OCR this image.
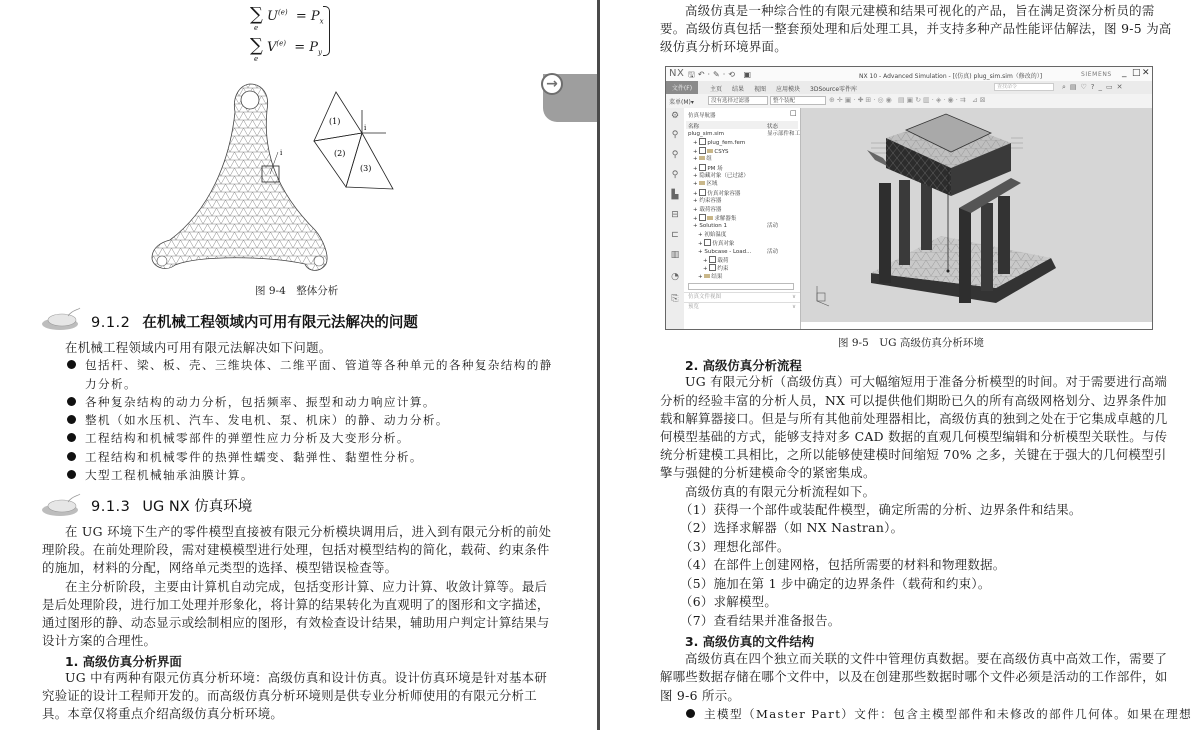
∑ $U^{(e)} = P_x$
e
∑ $V^{(e)} = P_y$
e
i
(1)
(2)
(3)
i
图 9-4　整体分析
9.1.2 在机械工程领域内可用有限元法解决的问题
在机械工程领域内可用有限元法解决如下问题。
包括杆、梁、板、壳、三维块体、二维平面、管道等各种单元的各种复杂结构的静
力分析。
各种复杂结构的动力分析，包括频率、振型和动力响应计算。
整机（如水压机、汽车、发电机、泵、机床）的静、动力分析。
工程结构和机械零部件的弹塑性应力分析及大变形分析。
工程结构和机械零件的热弹性蠕变、黏弹性、黏塑性分析。
大型工程机械轴承油膜计算。
9.1.3 UG NX 仿真环境
在 UG 环境下生产的零件模型直接被有限元分析模块调用后，进入到有限元分析的前处
理阶段。在前处理阶段，需对建模模型进行处理，包括对模型结构的简化，载荷、约束条件
的施加，材料的分配，网络单元类型的选择、模型错误检查等。
在主分析阶段，主要由计算机自动完成，包括变形计算、应力计算、收敛计算等。最后
是后处理阶段，进行加工处理并形象化，将计算的结果转化为直观明了的图形和文字描述，
通过图形的静、动态显示或绘制相应的图形，有效检查设计结果，辅助用户判定计算结果与
设计方案的合理性。
1. 高级仿真分析界面
UG 中有两种有限元仿真分析环境：高级仿真和设计仿真。设计仿真环境是针对基本研
究验证的设计工程师开发的。而高级仿真分析环境则是供专业分析师使用的有限元分析工
具。本章仅将重点介绍高级仿真分析环境。
→
高级仿真是一种综合性的有限元建模和结果可视化的产品，旨在满足资深分析员的需
要。高级仿真包括一整套预处理和后处理工具，并支持多种产品性能评估解法，图 9-5 为高
级仿真分析环境界面。
NX 🖫↶·✎·⟲ ▣	NX 10 - Advanced Simulation - [(仿真) plug_sim.sim（修改的）]	SIEMENS _ □ ✕
文件(F)	主页 结果 视图 应用模块 3DSource零件库	查找命令	⌕▤♡?_▭✕
菜单(M)▾	没有选择过滤器	整个装配	⊕✛▣·✚⊞·◎◉ ▤▣↻▥·◈·◉·⇉ ⊿⊠
⚙
⚲
⚲
⚲
▙
⊟
⊏
▥
◔
⎘
仿真导航器	□
名称	状态
plug_sim.sim	显示部件和工
+ plug_fem.fem
+	CSYS
+ 组
+ PM 场
+ 隐藏对象（已过滤）
+ 区域
+ 仿真对象容器
+ 约束容器
+ 载荷容器
+	求解器集
+ Solution 1	活动
+ 初始温度
+ 仿真对象
+ Subcase - Load...	活动
+ 载荷
+ 约束
+ 结果
仿真文件视图	∨
预览	∨
图 9-5　UG 高级仿真分析环境
2. 高级仿真分析流程
UG 有限元分析（高级仿真）可大幅缩短用于准备分析模型的时间。对于需要进行高端
分析的经验丰富的分析人员，NX 可以提供他们期盼已久的所有高级网格划分、边界条件加
载和解算器接口。但是与所有其他前处理器相比，高级仿真的独到之处在于它集成卓越的几
何模型基础的方式，能够支持对多 CAD 数据的直观几何模型编辑和分析模型关联性。与传
统分析建模工具相比，之所以能够使建模时间缩短 70% 之多，关键在于强大的几何模型引
擎与强健的分析建模命令的紧密集成。
高级仿真的有限元分析流程如下。
（1）获得一个部件或装配件模型，确定所需的分析、边界条件和结果。
（2）选择求解器（如 NX Nastran）。
（3）理想化部件。
（4）在部件上创建网格，包括所需要的材料和物理数据。
（5）施加在第 1 步中确定的边界条件（载荷和约束）。
（6）求解模型。
（7）查看结果并准备报告。
3. 高级仿真的文件结构
高级仿真在四个独立而关联的文件中管理仿真数据。要在高级仿真中高效工作，需要了
解哪些数据存储在哪个文件中，以及在创建那些数据时哪个文件必须是活动的工作部件，如
图 9-6 所示。
主模型（Master Part）文件：包含主模型部件和未修改的部件几何体。如果在理想
